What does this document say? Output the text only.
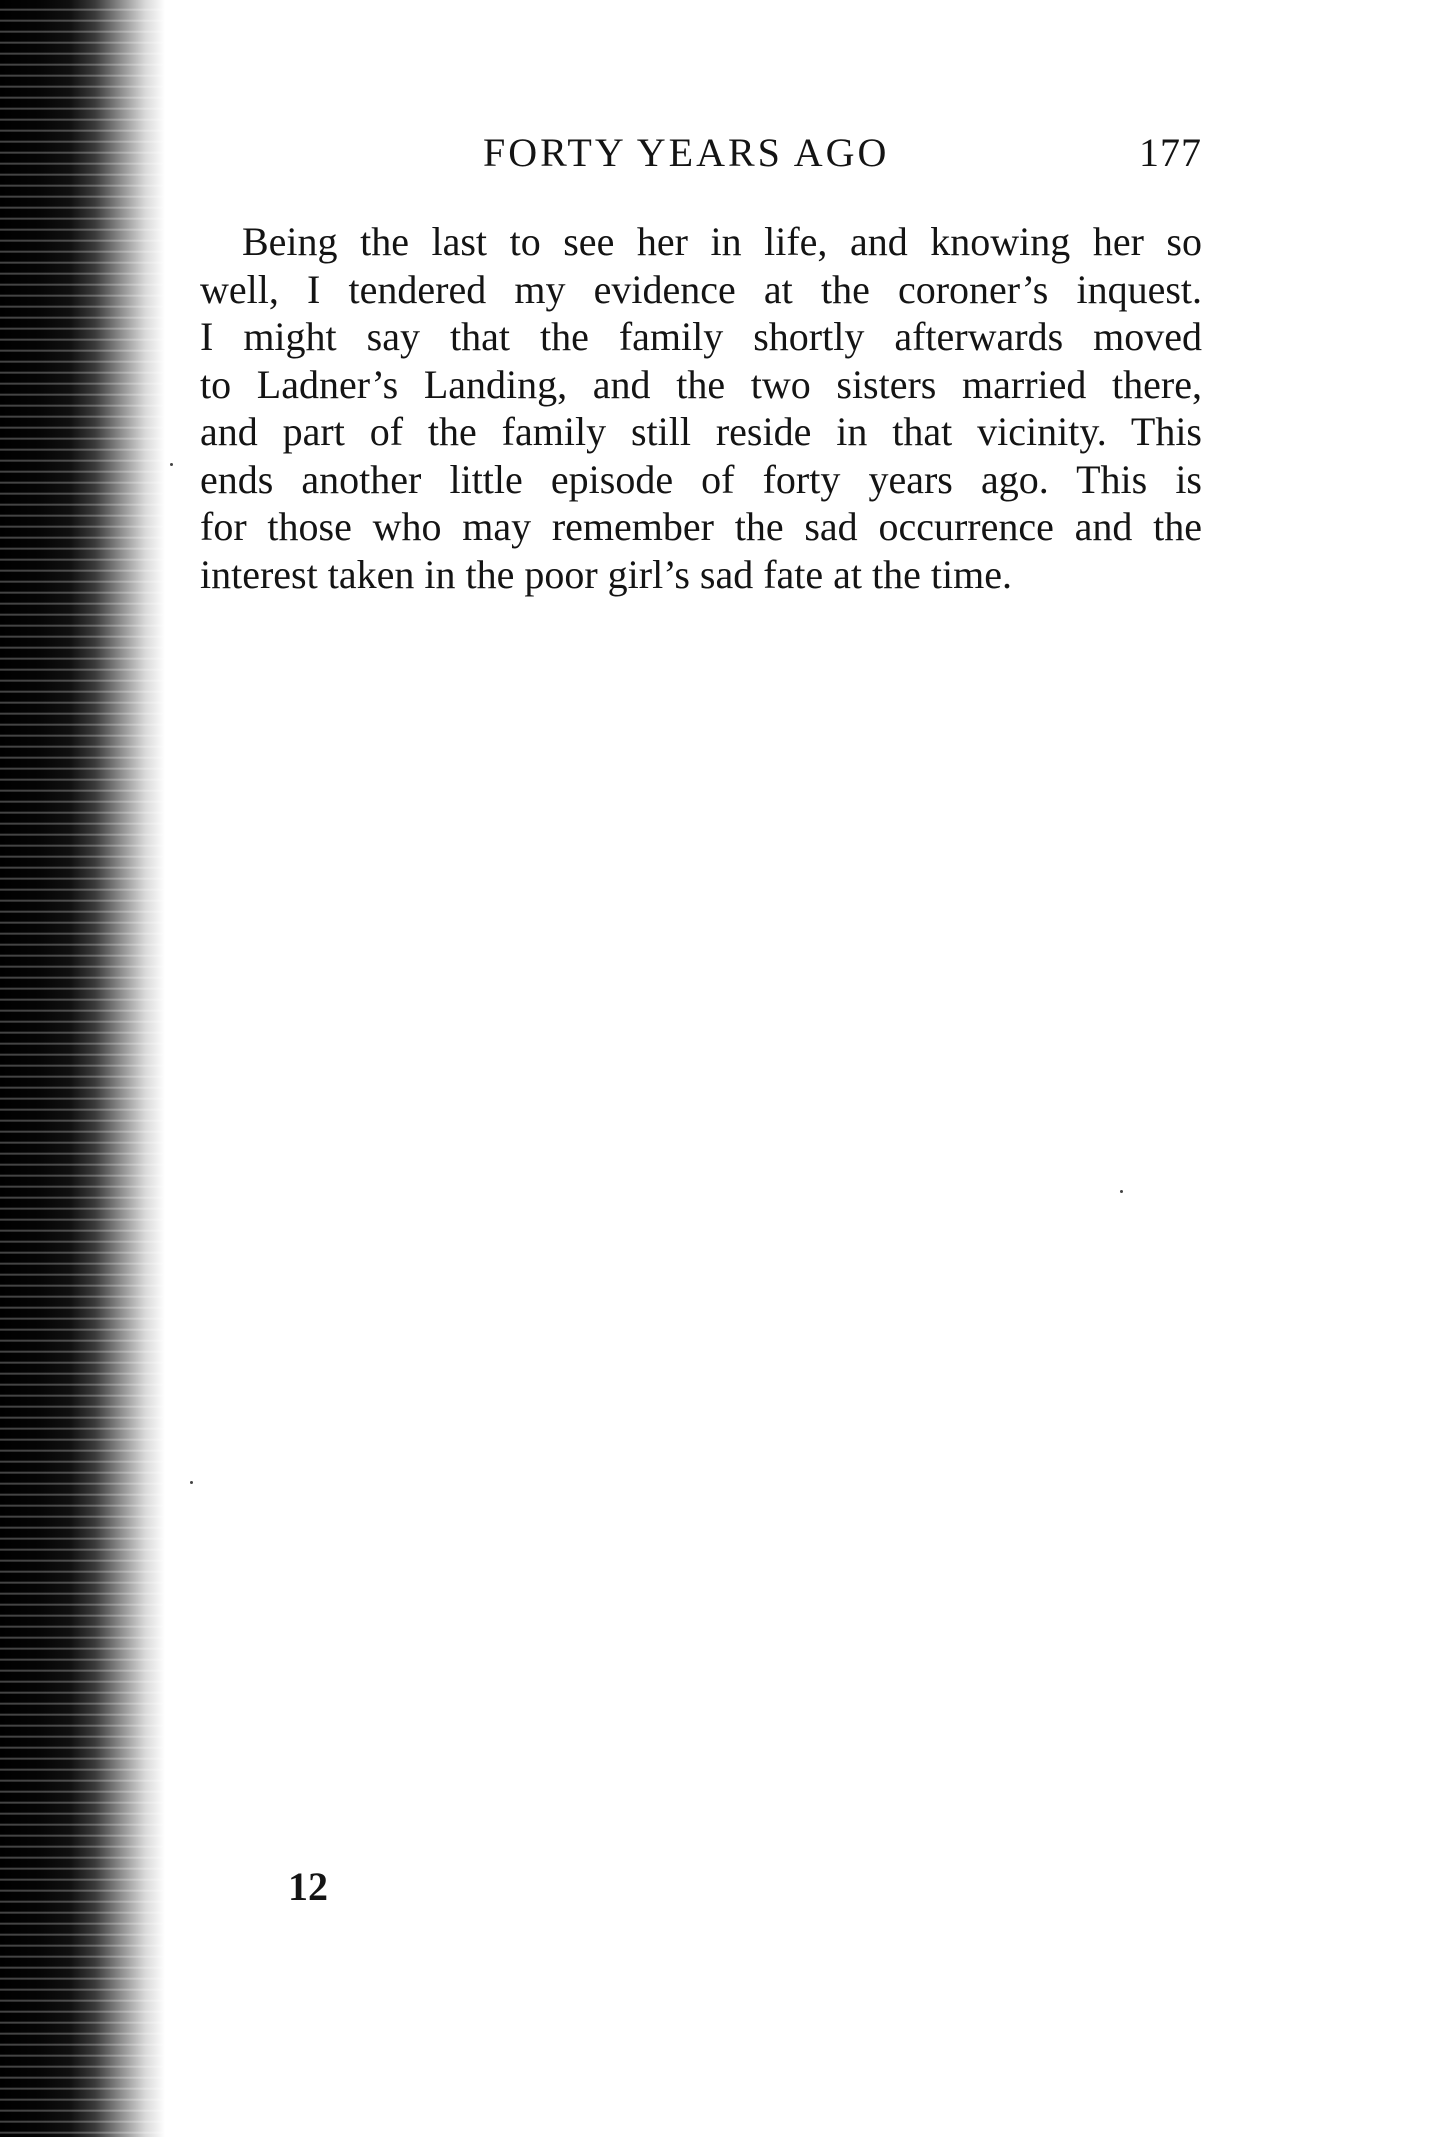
FORTY YEARS AGO	177
Being the last to see her in life, and knowing her so
well, I tendered my evidence at the coroner’s inquest.
I might say that the family shortly afterwards moved
to Ladner’s Landing, and the two sisters married there,
and part of the family still reside in that vicinity. This
ends another little episode of forty years ago. This is
for those who may remember the sad occurrence and the
interest taken in the poor girl’s sad fate at the time.
12
